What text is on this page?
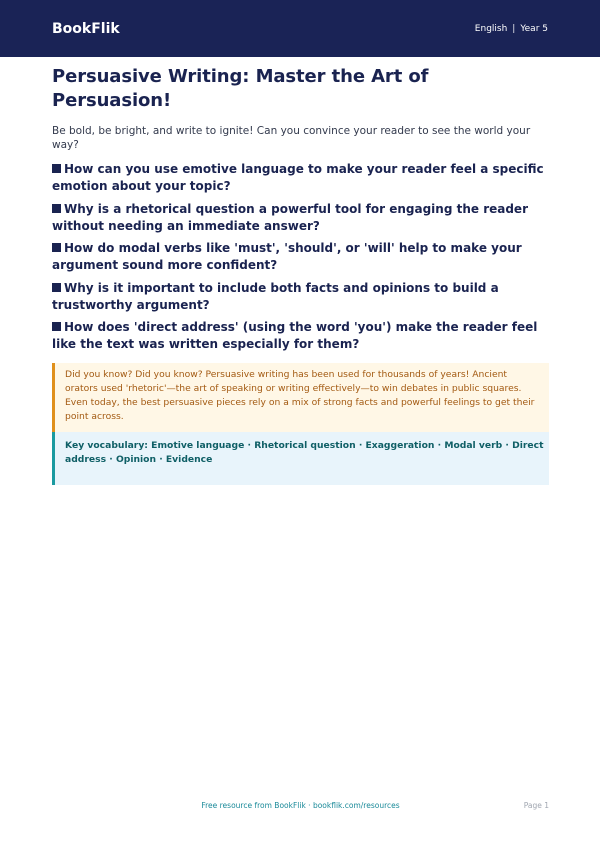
BookFlik	English | Year 5
Persuasive Writing: Master the Art of Persuasion!

Be bold, be bright, and write to ignite! Can you convince your reader to see the world your way?

How can you use emotive language to make your reader feel a specific emotion about your topic?
Why is a rhetorical question a powerful tool for engaging the reader without needing an immediate answer?
How do modal verbs like 'must', 'should', or 'will' help to make your argument sound more confident?
Why is it important to include both facts and opinions to build a trustworthy argument?
How does 'direct address' (using the word 'you') make the reader feel like the text was written especially for them?
Did you know? Did you know? Persuasive writing has been used for thousands of years! Ancient orators used 'rhetoric'—the art of speaking or writing effectively—to win debates in public squares. Even today, the best persuasive pieces rely on a mix of strong facts and powerful feelings to get their point across.
Key vocabulary: Emotive language · Rhetorical question · Exaggeration · Modal verb · Direct address · Opinion · Evidence
Free resource from BookFlik · bookflik.com/resources	Page 1
